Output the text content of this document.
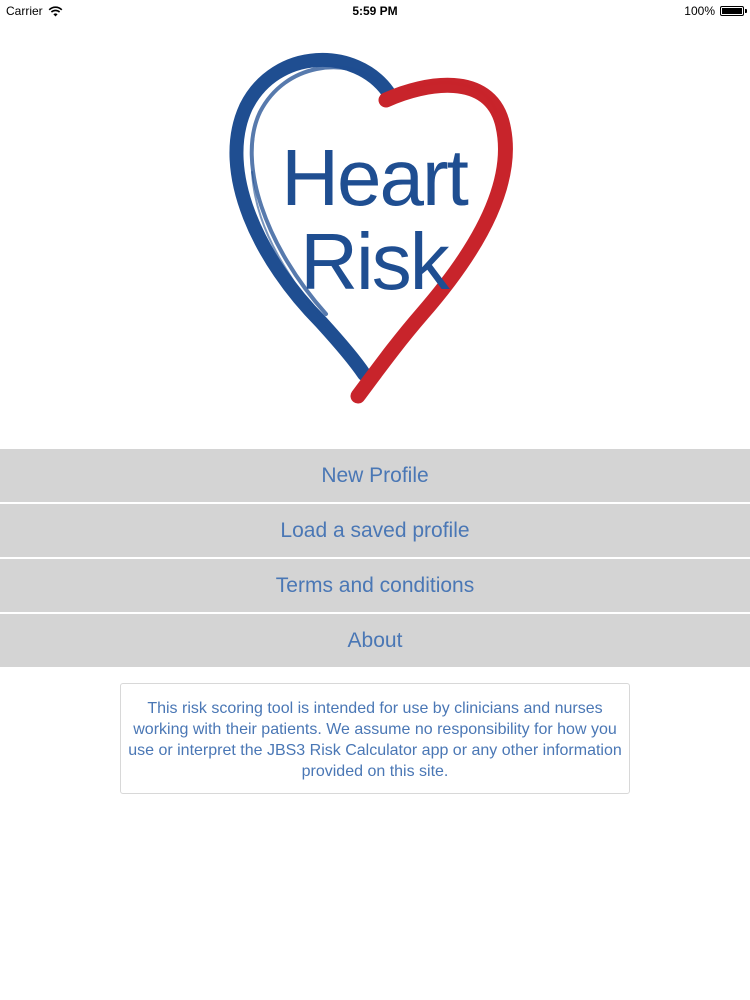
Carrier	5:59 PM	100%
Heart
Risk
New Profile
Load a saved profile
Terms and conditions
About
This risk scoring tool is intended for use by clinicians and nurses working with their patients. We assume no responsibility for how you use or interpret the JBS3 Risk Calculator app or any other information provided on this site.
